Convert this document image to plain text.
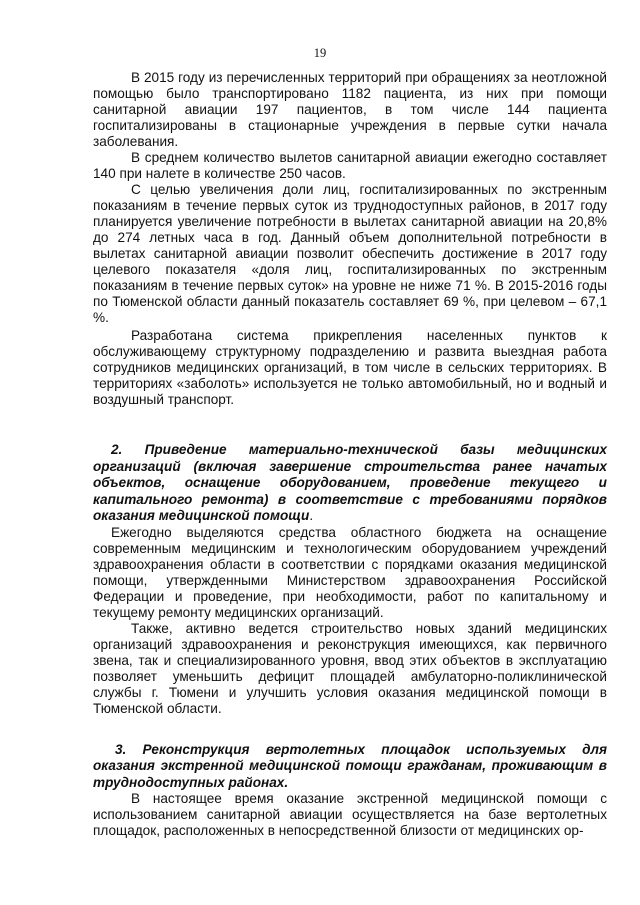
19

В 2015 году из перечисленных территорий при обращениях за неотложной помощью было транспортировано 1182 пациента, из них при помощи санитарной авиации 197 пациентов, в том числе 144 пациента госпитализированы в стационарные учреждения в первые сутки начала заболевания.

В среднем количество вылетов санитарной авиации ежегодно составляет 140 при налете в количестве 250 часов.

С целью увеличения доли лиц, госпитализированных по экстренным показаниям в течение первых суток из труднодоступных районов, в 2017 году планируется увеличение потребности в вылетах санитарной авиации на 20,8% до 274 летных часа в год. Данный объем дополнительной потребности в вылетах санитарной авиации позволит обеспечить достижение в 2017 году целевого показателя «доля лиц, госпитализированных по экстренным показаниям в течение первых суток» на уровне не ниже 71 %. В 2015-2016 годы по Тюменской области данный показатель составляет 69 %, при целевом – 67,1 %.

Разработана система прикрепления населенных пунктов к обслуживающему структурному подразделению и развита выездная работа сотрудников медицинских организаций, в том числе в сельских территориях. В территориях «заболоть» используется не только автомобильный, но и водный и воздушный транспорт.

2. Приведение материально-технической базы медицинских организаций (включая завершение строительства ранее начатых объектов, оснащение оборудованием, проведение текущего и капитального ремонта) в соответствие с требованиями порядков оказания медицинской помощи.

Ежегодно выделяются средства областного бюджета на оснащение современным медицинским и технологическим оборудованием учреждений здравоохранения области в соответствии с порядками оказания медицинской помощи, утвержденными Министерством здравоохранения Российской Федерации и проведение, при необходимости, работ по капитальному и текущему ремонту медицинских организаций.

Также, активно ведется строительство новых зданий медицинских организаций здравоохранения и реконструкция имеющихся, как первичного звена, так и специализированного уровня, ввод этих объектов в эксплуатацию позволяет уменьшить дефицит площадей амбулаторно-поликлинической службы г. Тюмени и улучшить условия оказания медицинской помощи в Тюменской области.

3. Реконструкция вертолетных площадок используемых для оказания экстренной медицинской помощи гражданам, проживающим в труднодоступных районах.

В настоящее время оказание экстренной медицинской помощи с использованием санитарной авиации осуществляется на базе вертолетных площадок, расположенных в непосредственной близости от медицинских ор-
